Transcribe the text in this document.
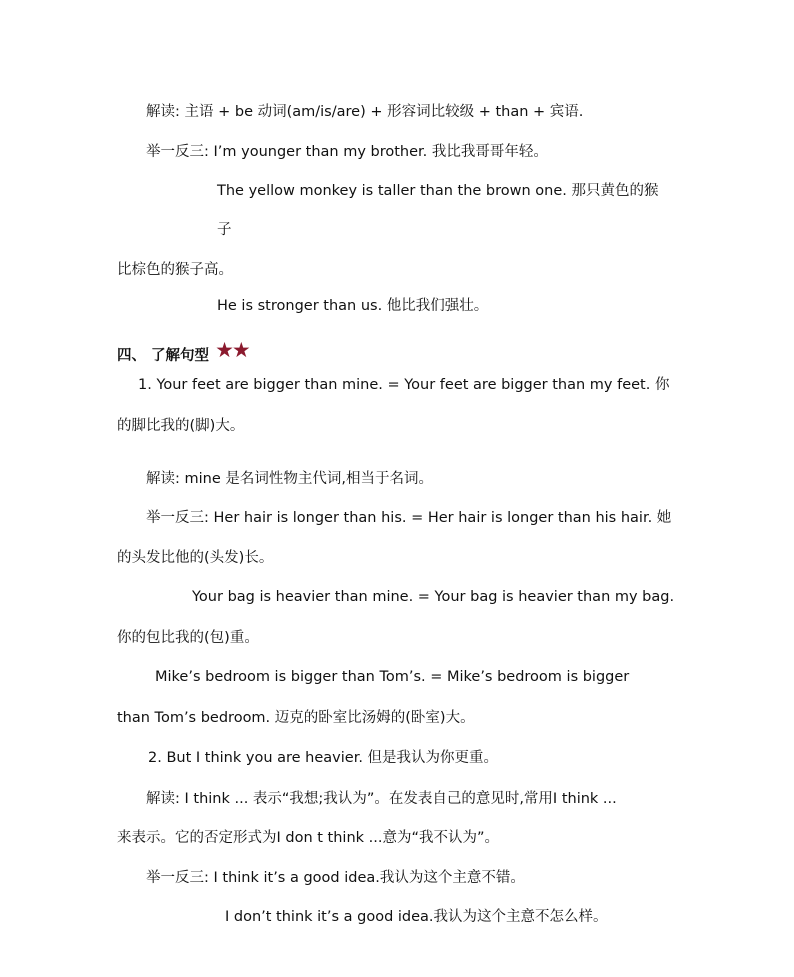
解读: 主语 + be 动词(am/is/are) + 形容词比较级 + than + 宾语.
举一反三: I’m younger than my brother. 我比我哥哥年轻。
The yellow monkey is taller than the brown one. 那只黄色的猴
子
比棕色的猴子高。
He is stronger than us. 他比我们强壮。
四、 了解句型 ★★
1. Your feet are bigger than mine. = Your feet are bigger than my feet. 你
的脚比我的(脚)大。
解读: mine 是名词性物主代词,相当于名词。
举一反三: Her hair is longer than his. = Her hair is longer than his hair. 她
的头发比他的(头发)长。
Your bag is heavier than mine. = Your bag is heavier than my bag.
你的包比我的(包)重。
Mike’s bedroom is bigger than Tom’s. = Mike’s bedroom is bigger
than Tom’s bedroom. 迈克的卧室比汤姆的(卧室)大。
2. But I think you are heavier. 但是我认为你更重。
解读: I think ... 表示“我想;我认为”。在发表自己的意见时,常用I think ...
来表示。它的否定形式为I don t think ...意为“我不认为”。
举一反三: I think it’s a good idea.我认为这个主意不错。
I don’t think it’s a good idea.我认为这个主意不怎么样。
